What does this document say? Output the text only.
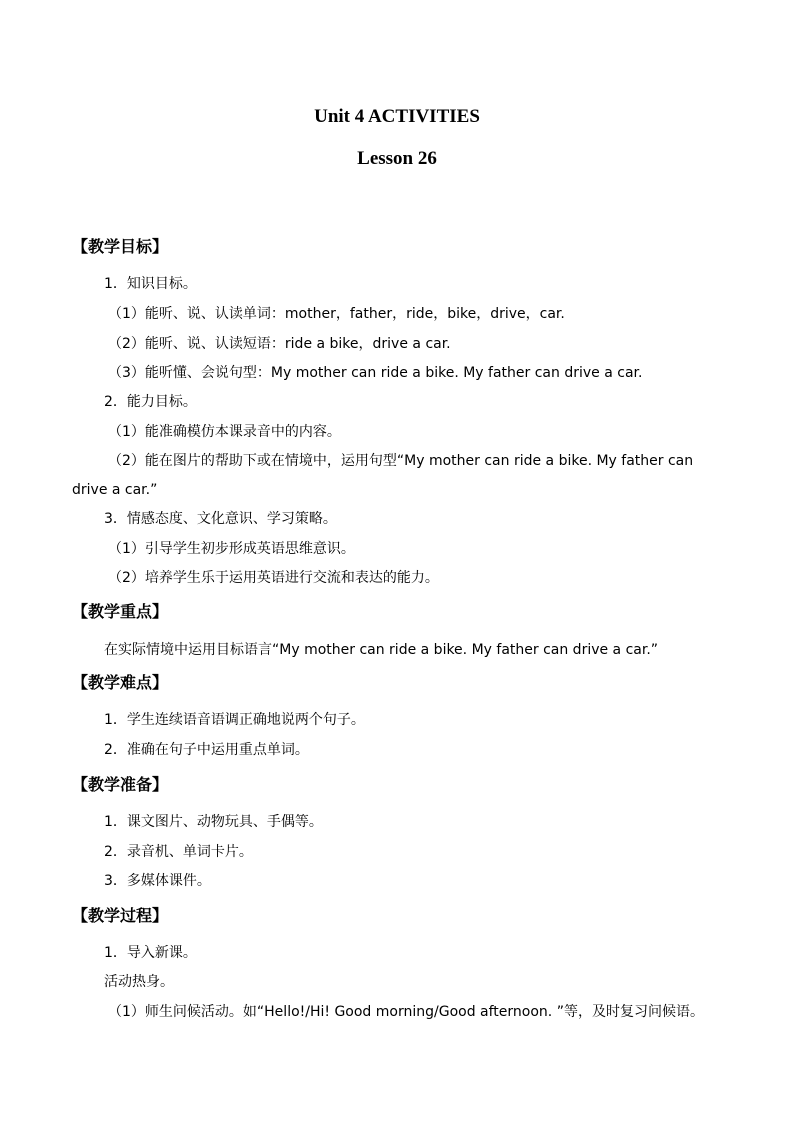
Unit 4 ACTIVITIES
Lesson 26
【教学目标】
1．知识目标。
（1）能听、说、认读单词：mother，father，ride，bike，drive，car.
（2）能听、说、认读短语：ride a bike，drive a car.
（3）能听懂、会说句型：My mother can ride a bike. My father can drive a car.
2．能力目标。
（1）能准确模仿本课录音中的内容。
（2）能在图片的帮助下或在情境中，运用句型“My mother can ride a bike. My father can
drive a car.”
3．情感态度、文化意识、学习策略。
（1）引导学生初步形成英语思维意识。
（2）培养学生乐于运用英语进行交流和表达的能力。
【教学重点】
在实际情境中运用目标语言“My mother can ride a bike. My father can drive a car.”
【教学难点】
1．学生连续语音语调正确地说两个句子。
2．准确在句子中运用重点单词。
【教学准备】
1．课文图片、动物玩具、手偶等。
2．录音机、单词卡片。
3．多媒体课件。
【教学过程】
1．导入新课。
活动热身。
（1）师生问候活动。如“Hello!/Hi! Good morning/Good afternoon. ”等，及时复习问候语。
